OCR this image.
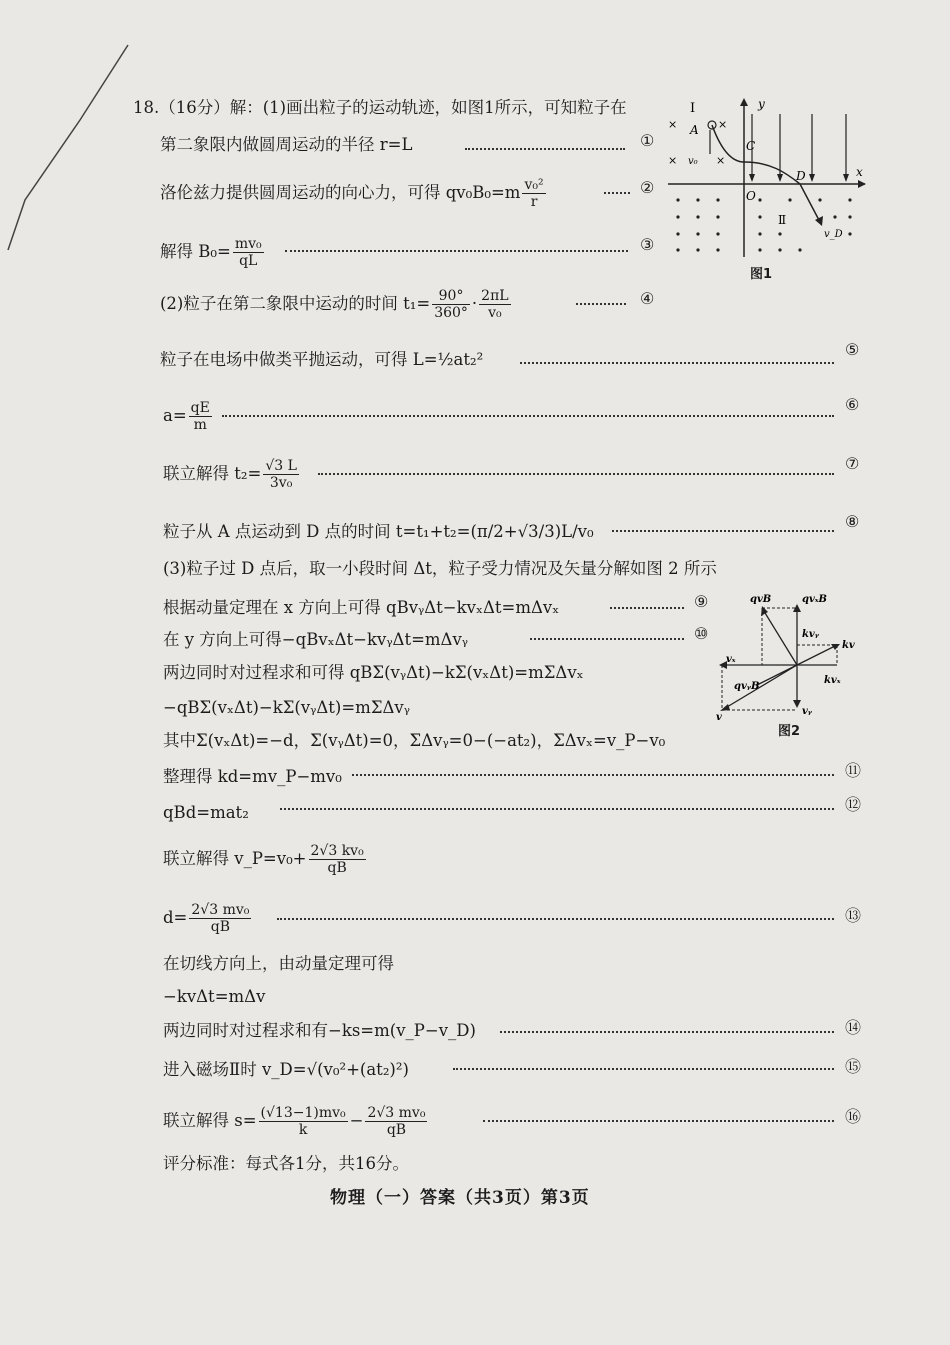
18.（16分）解：(1)画出粒子的运动轨迹，如图1所示，可知粒子在
第二象限内做圆周运动的半径 r=L	①
洛伦兹力提供圆周运动的向心力，可得 $qv_0B_0=m \frac{\text{v₀²}}{r}$	②
解得 $B_0= \frac{\text{mv₀}}{qL}$	③
(2)粒子在第二象限中运动的时间 $t_1= \frac{90^\circ}{360^\circ} \cdot \frac{2\pi L}{\text{v₀}}$	④
粒子在电场中做类平抛运动，可得 L=½at₂²
⑤
$a= \frac{qE}{m}$	⑥
联立解得 $t_2= \frac{√3 L}{\text{3v₀}}$	⑦
粒子从 A 点运动到 D 点的时间 t=t₁+t₂=(π/2+√3/3)L/v₀
⑧
(3)粒子过 D 点后，取一小段时间 Δt，粒子受力情况及矢量分解如图 2 所示
根据动量定理在 x 方向上可得 qBvᵧΔt−kvₓΔt=mΔvₓ	⑨
在 y 方向上可得−qBvₓΔt−kvᵧΔt=mΔvᵧ	⑩
两边同时对过程求和可得 qBΣ(vᵧΔt)−kΣ(vₓΔt)=mΣΔvₓ
−qBΣ(vₓΔt)−kΣ(vᵧΔt)=mΣΔvᵧ
其中Σ(vₓΔt)=−d，Σ(vᵧΔt)=0，ΣΔvᵧ=0−(−at₂)，ΣΔvₓ=v_P−v₀
整理得 kd=mv_P−mv₀	⑪
qBd=mat₂	⑫
联立解得 v_P=v₀+ $\frac{\text{2√3 kv₀}}{qB}$
$d= \frac{\text{2√3 mv₀}}{qB}$	⑬
在切线方向上，由动量定理可得
−kvΔt=mΔv
两边同时对过程求和有−ks=m(v_P−v_D)	⑭
进入磁场Ⅱ时 v_D=√(v₀²+(at₂)²)	⑮
联立解得 $s= \frac{\text{(√13−1)mv₀}}{k} - \frac{\text{2√3 mv₀}}{qB}$	⑯
评分标准：每式各1分，共16分。
物理（一）答案（共3页）第3页
I	y
x
A
C
D
O
Ⅱ
v₀
v_D
×
×	×
×
图1
qvB	qvₓB
kvᵧ
kv
vₓ
qvᵧB
kvₓ
v
vᵧ
图2
